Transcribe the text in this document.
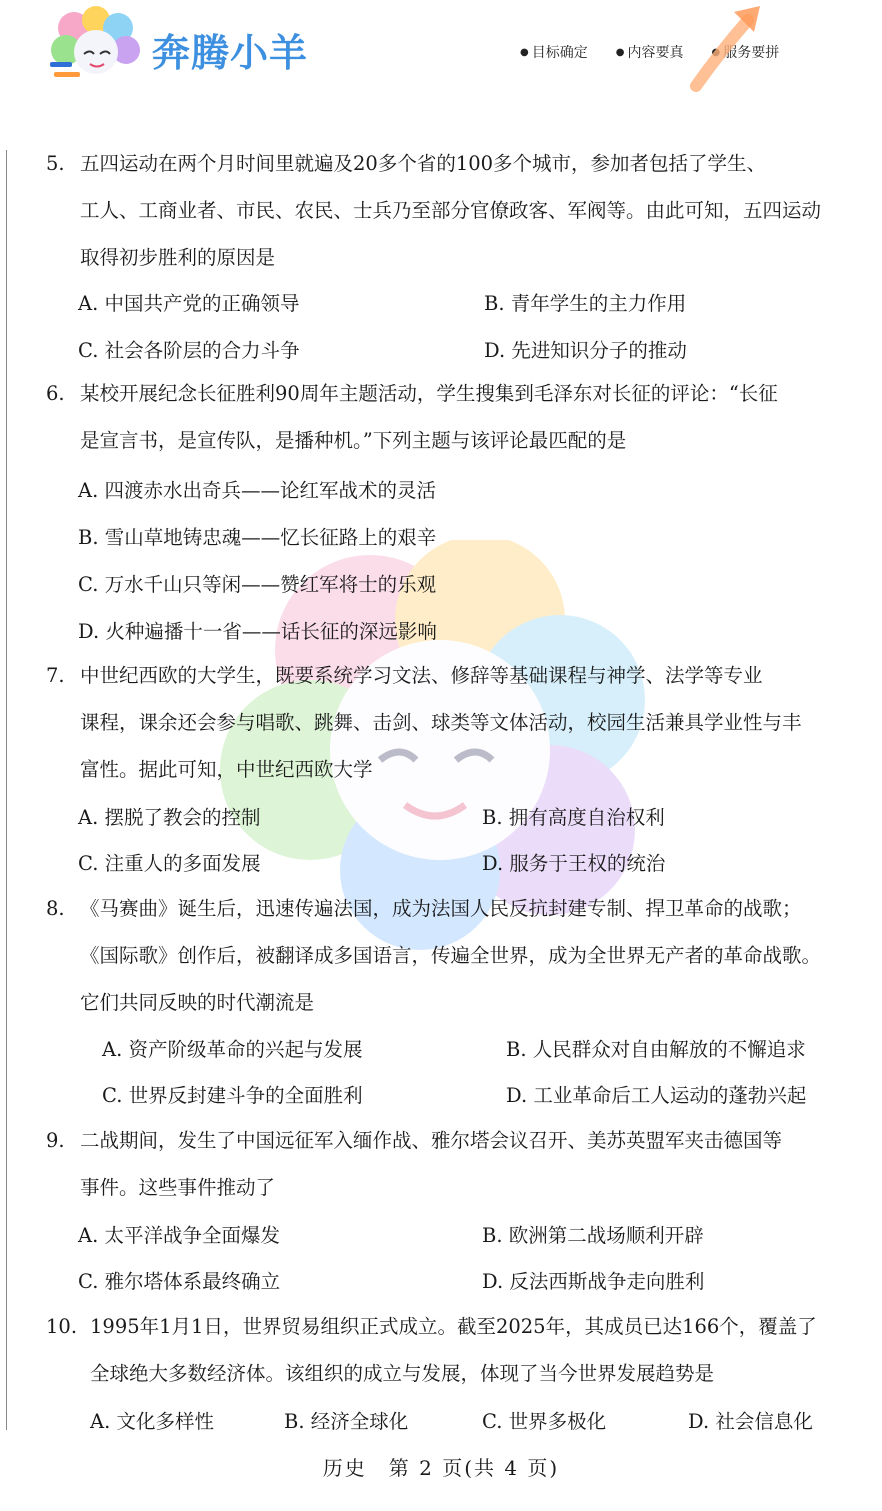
奔腾小羊	● 目标确定	● 内容要真	● 服务要拼
5. 五四运动在两个月时间里就遍及20多个省的100多个城市，参加者包括了学生、
工人、工商业者、市民、农民、士兵乃至部分官僚政客、军阀等。由此可知，五四运动
取得初步胜利的原因是
A. 中国共产党的正确领导	B. 青年学生的主力作用
C. 社会各阶层的合力斗争	D. 先进知识分子的推动
6. 某校开展纪念长征胜利90周年主题活动，学生搜集到毛泽东对长征的评论：“长征
是宣言书，是宣传队，是播种机。”下列主题与该评论最匹配的是
A. 四渡赤水出奇兵——论红军战术的灵活
B. 雪山草地铸忠魂——忆长征路上的艰辛
C. 万水千山只等闲——赞红军将士的乐观
D. 火种遍播十一省——话长征的深远影响
7. 中世纪西欧的大学生，既要系统学习文法、修辞等基础课程与神学、法学等专业
课程，课余还会参与唱歌、跳舞、击剑、球类等文体活动，校园生活兼具学业性与丰
富性。据此可知，中世纪西欧大学
A. 摆脱了教会的控制	B. 拥有高度自治权利
C. 注重人的多面发展	D. 服务于王权的统治
8. 《马赛曲》诞生后，迅速传遍法国，成为法国人民反抗封建专制、捍卫革命的战歌；
《国际歌》创作后，被翻译成多国语言，传遍全世界，成为全世界无产者的革命战歌。
它们共同反映的时代潮流是
A. 资产阶级革命的兴起与发展	B. 人民群众对自由解放的不懈追求
C. 世界反封建斗争的全面胜利	D. 工业革命后工人运动的蓬勃兴起
9. 二战期间，发生了中国远征军入缅作战、雅尔塔会议召开、美苏英盟军夹击德国等
事件。这些事件推动了
A. 太平洋战争全面爆发	B. 欧洲第二战场顺利开辟
C. 雅尔塔体系最终确立	D. 反法西斯战争走向胜利
10. 1995年1月1日，世界贸易组织正式成立。截至2025年，其成员已达166个，覆盖了
全球绝大多数经济体。该组织的成立与发展，体现了当今世界发展趋势是
A. 文化多样性	B. 经济全球化	C. 世界多极化	D. 社会信息化
历史　第 2 页(共 4 页)
